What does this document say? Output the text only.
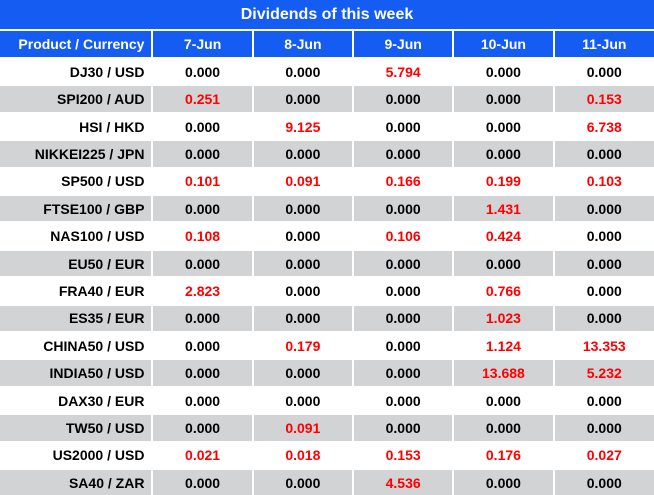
Dividends of this week					
Product / Currency	7-Jun	8-Jun	9-Jun	10-Jun	11-Jun
DJ30 / USD	0.000	0.000	5.794	0.000	0.000
SPI200 / AUD	0.251	0.000	0.000	0.000	0.153
HSI / HKD	0.000	9.125	0.000	0.000	6.738
NIKKEI225 / JPN	0.000	0.000	0.000	0.000	0.000
SP500 / USD	0.101	0.091	0.166	0.199	0.103
FTSE100 / GBP	0.000	0.000	0.000	1.431	0.000
NAS100 / USD	0.108	0.000	0.106	0.424	0.000
EU50 / EUR	0.000	0.000	0.000	0.000	0.000
FRA40 / EUR	2.823	0.000	0.000	0.766	0.000
ES35 / EUR	0.000	0.000	0.000	1.023	0.000
CHINA50 / USD	0.000	0.179	0.000	1.124	13.353
INDIA50 / USD	0.000	0.000	0.000	13.688	5.232
DAX30 / EUR	0.000	0.000	0.000	0.000	0.000
TW50 / USD	0.000	0.091	0.000	0.000	0.000
US2000 / USD	0.021	0.018	0.153	0.176	0.027
SA40 / ZAR	0.000	0.000	4.536	0.000	0.000
